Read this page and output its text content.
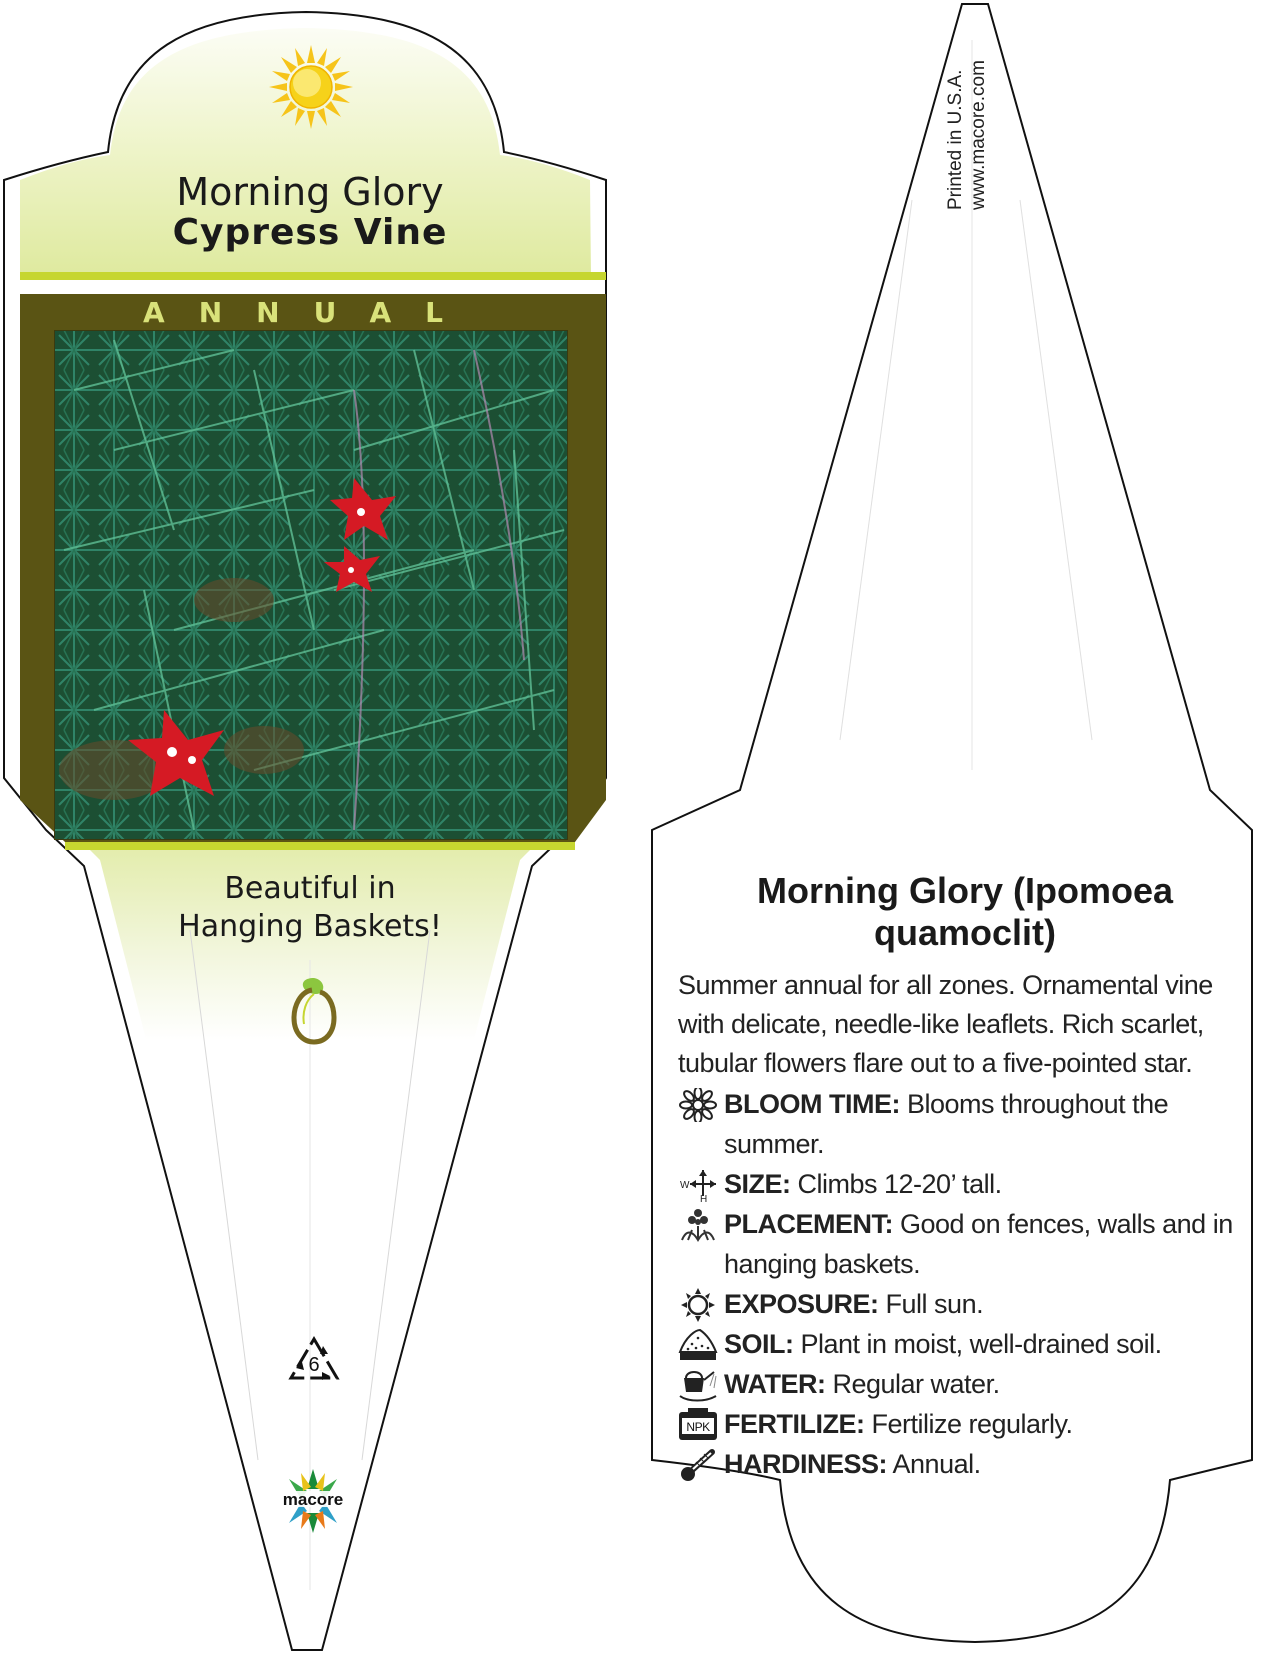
Morning Glory
Cypress Vine
ANNUAL
Beautiful in
Hanging Baskets!
6
macore
Printed in U.S.A. www.macore.com
Morning Glory (Ipomoea
quamoclit)
Summer annual for all zones. Ornamental vine with delicate, needle-like leaflets. Rich scarlet, tubular flowers flare out to a five-pointed star.
BLOOM TIME: Blooms throughout the summer.
W
H
SIZE: Climbs 12-20’ tall.
PLACEMENT: Good on fences, walls and in hanging baskets.
EXPOSURE: Full sun.
SOIL: Plant in moist, well-drained soil.
WATER: Regular water.
NPK FERTILIZE: Fertilize regularly.
HARDINESS: Annual.
